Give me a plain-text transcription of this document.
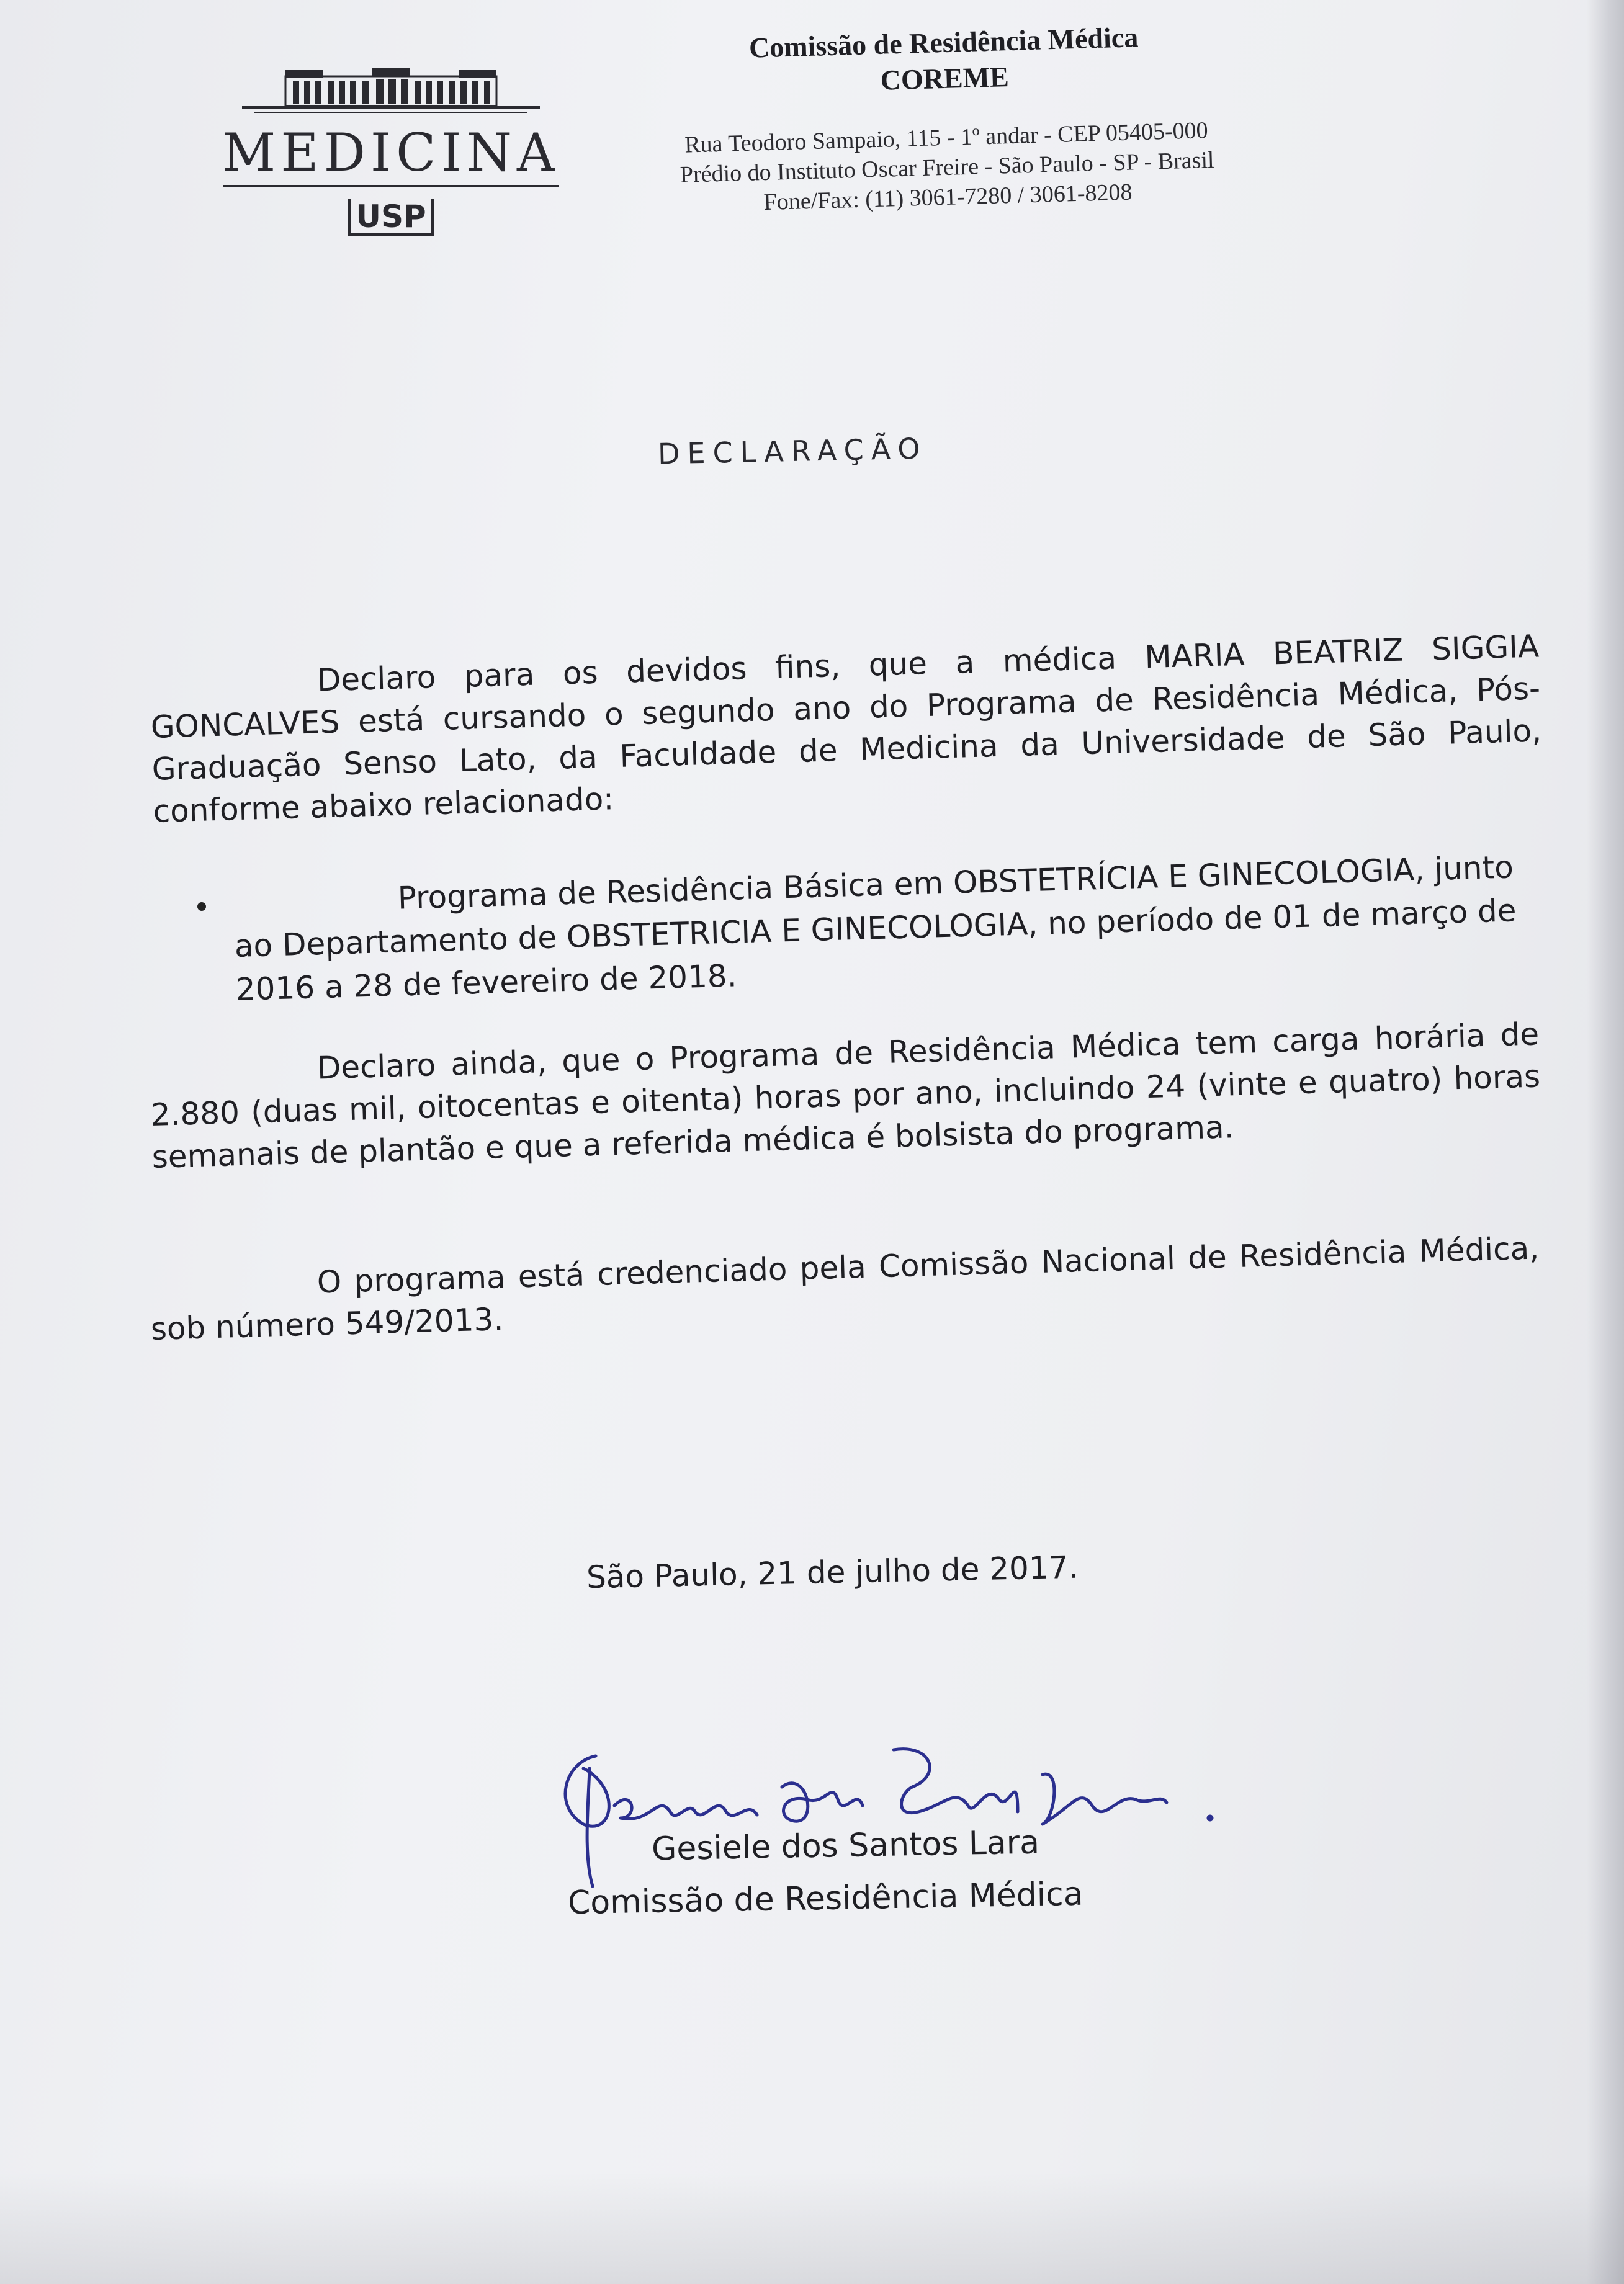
MEDICINA
USP
Comissão de Residência Médica
COREME
Rua Teodoro Sampaio, 115 - 1º andar - CEP 05405-000
Prédio do Instituto Oscar Freire - São Paulo - SP - Brasil
Fone/Fax: (11) 3061-7280 / 3061-8208
DECLARAÇÃO
Declaro para os devidos fins, que a médica MARIA BEATRIZ SIGGIA GONCALVES está cursando o segundo ano do Programa de Residência Médica, Pós-Graduação Senso Lato, da Faculdade de Medicina da Universidade de São Paulo, conforme abaixo relacionado:
Programa de Residência Básica em OBSTETRÍCIA E GINECOLOGIA, junto ao Departamento de OBSTETRICIA E GINECOLOGIA, no período de 01 de março de 2016 a 28 de fevereiro de 2018.
Declaro ainda, que o Programa de Residência Médica tem carga horária de 2.880 (duas mil, oitocentas e oitenta) horas por ano, incluindo 24 (vinte e quatro) horas semanais de plantão e que a referida médica é bolsista do programa.
O programa está credenciado pela Comissão Nacional de Residência Médica, sob número 549/2013.
São Paulo, 21 de julho de 2017.
Gesiele dos Santos Lara
Comissão de Residência Médica
